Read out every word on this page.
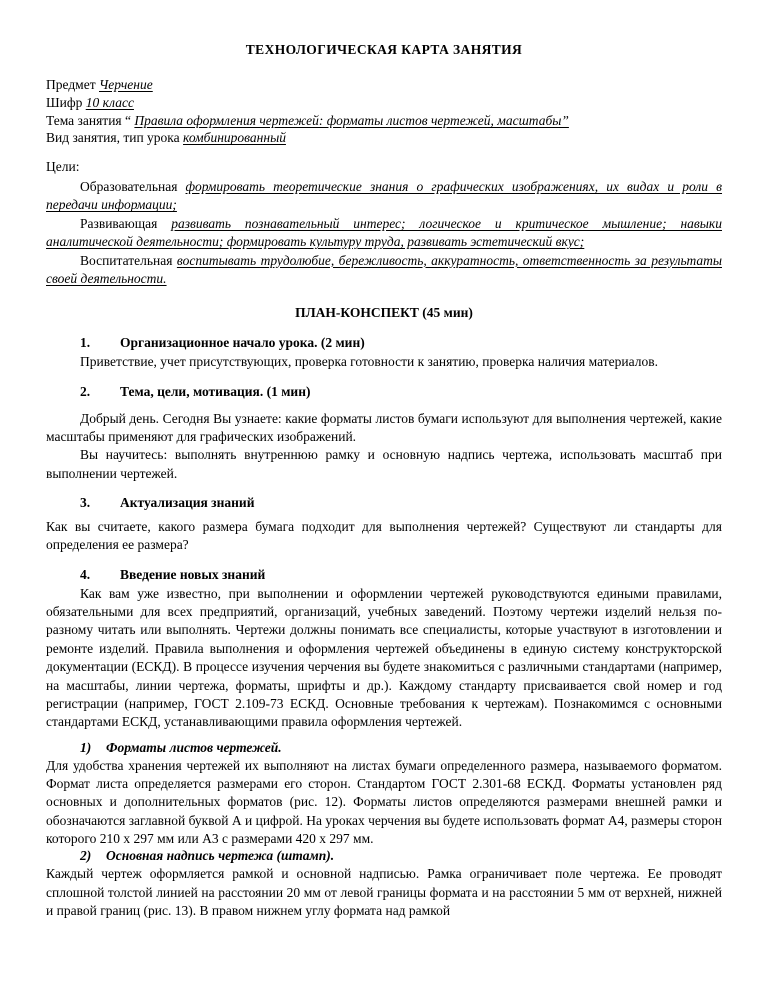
ТЕХНОЛОГИЧЕСКАЯ КАРТА ЗАНЯТИЯ

Предмет Черчение

Шифр 10 класс

Тема занятия “ Правила оформления чертежей: форматы листов чертежей, масштабы”

Вид занятия, тип урока комбинированный

Цели:

Образовательная формировать теоретические знания о графических изображениях, их видах и роли в передачи информации;

Развивающая развивать познавательный интерес; логическое и критическое мышление; навыки аналитической деятельности; формировать культуру труда, развивать эстетический вкус;

Воспитательная воспитывать трудолюбие, бережливость, аккуратность, ответственность за результаты своей деятельности.

ПЛАН-КОНСПЕКТ (45 мин)

1. Организационное начало урока. (2 мин)

Приветствие, учет присутствующих, проверка готовности к занятию, проверка наличия материалов.

2. Тема, цели, мотивация. (1 мин)

Добрый день. Сегодня Вы узнаете: какие форматы листов бумаги используют для выполнения чертежей, какие масштабы применяют для графических изображений.

Вы научитесь: выполнять внутреннюю рамку и основную надпись чертежа, использовать масштаб при выполнении чертежей.

3. Актуализация знаний

Как вы считаете, какого размера бумага подходит для выполнения чертежей? Существуют ли стандарты для определения ее размера?

4. Введение новых знаний

Как вам уже известно, при выполнении и оформлении чертежей руководствуются едиными правилами, обязательными для всех предприятий, организаций, учебных заведений. Поэтому чертежи изделий нельзя по-разному читать или выполнять. Чертежи должны понимать все специалисты, которые участвуют в изготовлении и ремонте изделий. Правила выполнения и оформления чертежей объединены в единую систему конструкторской документации (ЕСКД). В процессе изучения черчения вы будете знакомиться с различными стандартами (например, на масштабы, линии чертежа, форматы, шрифты и др.). Каждому стандарту присваивается свой номер и год регистрации (например, ГОСТ 2.109-73 ЕСКД. Основные требования к чертежам). Познакомимся с основными стандартами ЕСКД, устанавливающими правила оформления чертежей.

1) Форматы листов чертежей.

Для удобства хранения чертежей их выполняют на листах бумаги определенного размера, называемого форматом. Формат листа определяется размерами его сторон. Стандартом ГОСТ 2.301-68 ЕСКД. Форматы установлен ряд основных и дополнительных форматов (рис. 12). Форматы листов определяются размерами внешней рамки и обозначаются заглавной буквой А и цифрой. На уроках черчения вы будете использовать формат А4, размеры сторон которого 210 х 297 мм или А3 с размерами 420 х 297 мм.

2) Основная надпись чертежа (штамп).

Каждый чертеж оформляется рамкой и основной надписью. Рамка ограничивает поле чертежа. Ее проводят сплошной толстой линией на расстоянии 20 мм от левой границы формата и на расстоянии 5 мм от верхней, нижней и правой границ (рис. 13). В правом нижнем углу формата над рамкой
